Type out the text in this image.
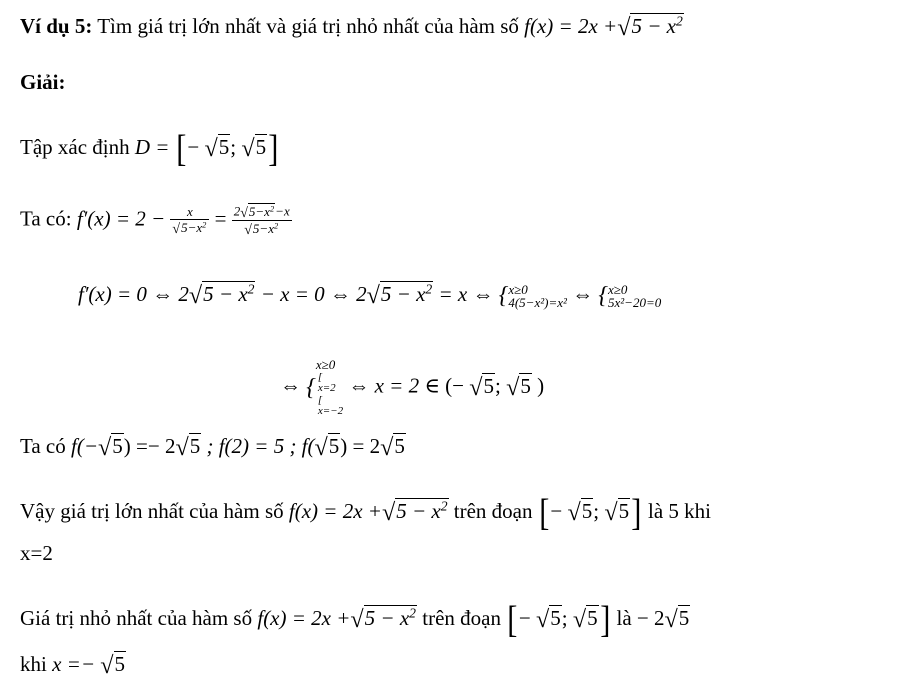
Ví dụ 5: Tìm giá trị lớn nhất và giá trị nhỏ nhất của hàm số $f(x) = 2x +√5 - x^2$
Giải:
Tập xác định D = [− √5; √5]
Ta có: $f'(x) = 2 - \frac{x}{√5-x^2} = \frac{2√5-x^2-x}{√5-x^2}$
f′(x) = 0 ⇔ $2√5 - x^2 - x = 0$ ⇔ $2√5 - x^2 = x$ ⇔ { x≥0
4(5−x²)=x² ⇔ { x≥0
5x²−20=0
⇔ {
x≥0
[
x=2
[
x=−2
⇔ x = 2 ∈ (− √5; √5 )
Ta có f(−√5) =− 2√5 ; f(2) = 5 ; f(√5) = 2√5
Vậy giá trị lớn nhất của hàm số $f(x) = 2x +√5 - x^2$ trên đoạn [− √5; √5] là 5 khi
x=2
Giá trị nhỏ nhất của hàm số $f(x) = 2x +√5 - x^2$ trên đoạn [− √5; √5] là − 2√5
khi x =− √5
